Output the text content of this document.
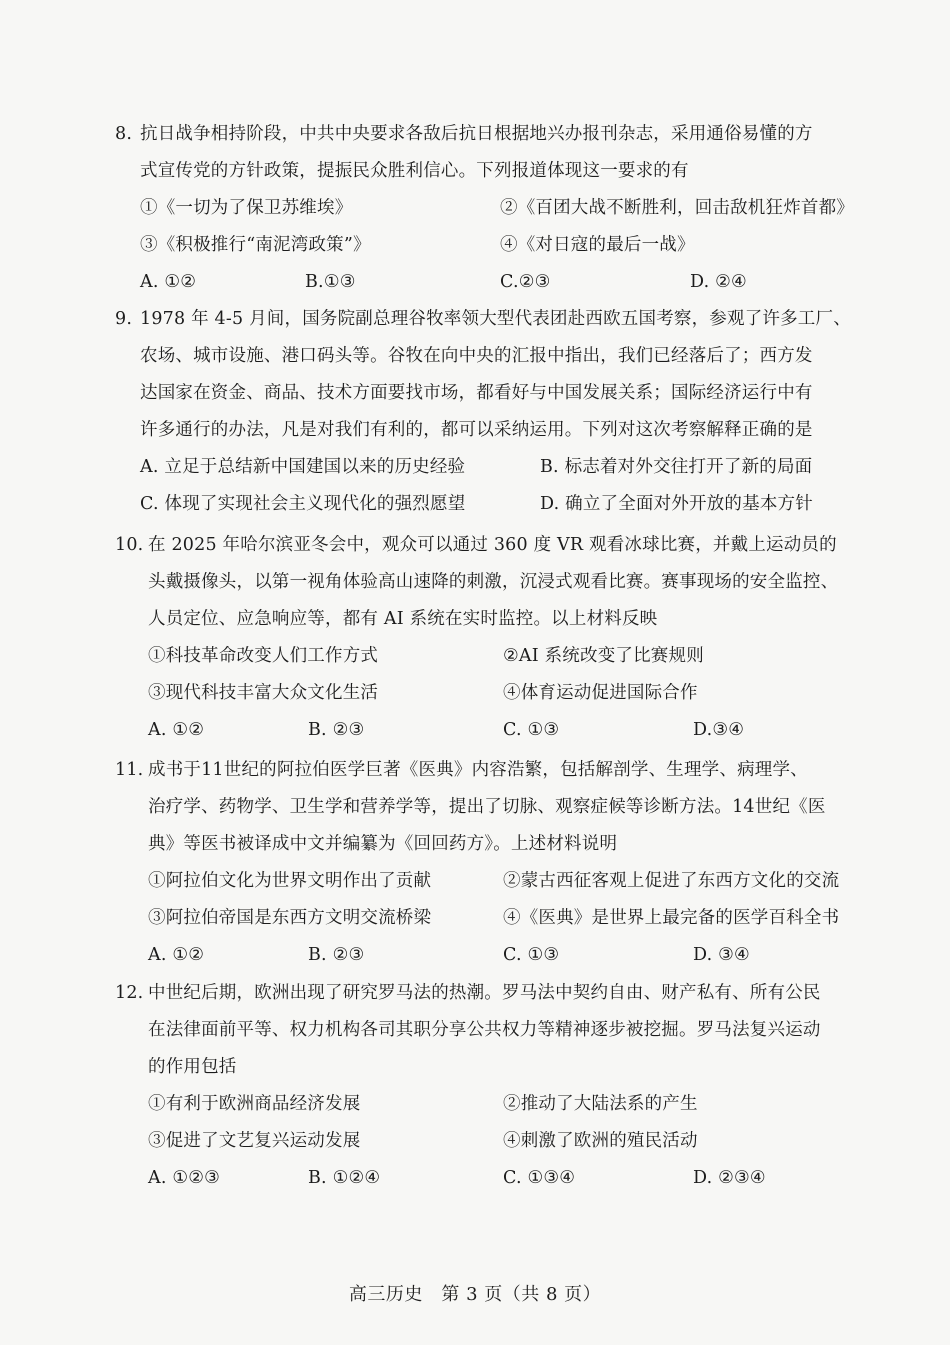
8. 抗日战争相持阶段，中共中央要求各敌后抗日根据地兴办报刊杂志，采用通俗易懂的方
式宣传党的方针政策，提振民众胜利信心。下列报道体现这一要求的有
①《一切为了保卫苏维埃》	②《百团大战不断胜利，回击敌机狂炸首都》
③《积极推行“南泥湾政策”》	④《对日寇的最后一战》
A. ①②	B.①③	C.②③	D. ②④
9. 1978 年 4-5 月间，国务院副总理谷牧率领大型代表团赴西欧五国考察，参观了许多工厂、
农场、城市设施、港口码头等。谷牧在向中央的汇报中指出，我们已经落后了；西方发
达国家在资金、商品、技术方面要找市场，都看好与中国发展关系；国际经济运行中有
许多通行的办法，凡是对我们有利的，都可以采纳运用。下列对这次考察解释正确的是
A. 立足于总结新中国建国以来的历史经验	B. 标志着对外交往打开了新的局面
C. 体现了实现社会主义现代化的强烈愿望	D. 确立了全面对外开放的基本方针
10. 在 2025 年哈尔滨亚冬会中，观众可以通过 360 度 VR 观看冰球比赛，并戴上运动员的
头戴摄像头，以第一视角体验高山速降的刺激，沉浸式观看比赛。赛事现场的安全监控、
人员定位、应急响应等，都有 AI 系统在实时监控。以上材料反映
①科技革命改变人们工作方式	②AI 系统改变了比赛规则
③现代科技丰富大众文化生活	④体育运动促进国际合作
A. ①②	B. ②③	C. ①③	D.③④
11. 成书于11世纪的阿拉伯医学巨著《医典》内容浩繁，包括解剖学、生理学、病理学、
治疗学、药物学、卫生学和营养学等，提出了切脉、观察症候等诊断方法。14世纪《医
典》等医书被译成中文并编纂为《回回药方》。上述材料说明
①阿拉伯文化为世界文明作出了贡献	②蒙古西征客观上促进了东西方文化的交流
③阿拉伯帝国是东西方文明交流桥梁	④《医典》是世界上最完备的医学百科全书
A. ①②	B. ②③	C. ①③	D. ③④
12. 中世纪后期，欧洲出现了研究罗马法的热潮。罗马法中契约自由、财产私有、所有公民
在法律面前平等、权力机构各司其职分享公共权力等精神逐步被挖掘。罗马法复兴运动
的作用包括
①有利于欧洲商品经济发展	②推动了大陆法系的产生
③促进了文艺复兴运动发展	④刺激了欧洲的殖民活动
A. ①②③	B. ①②④	C. ①③④	D. ②③④
高三历史　第 3 页（共 8 页）
